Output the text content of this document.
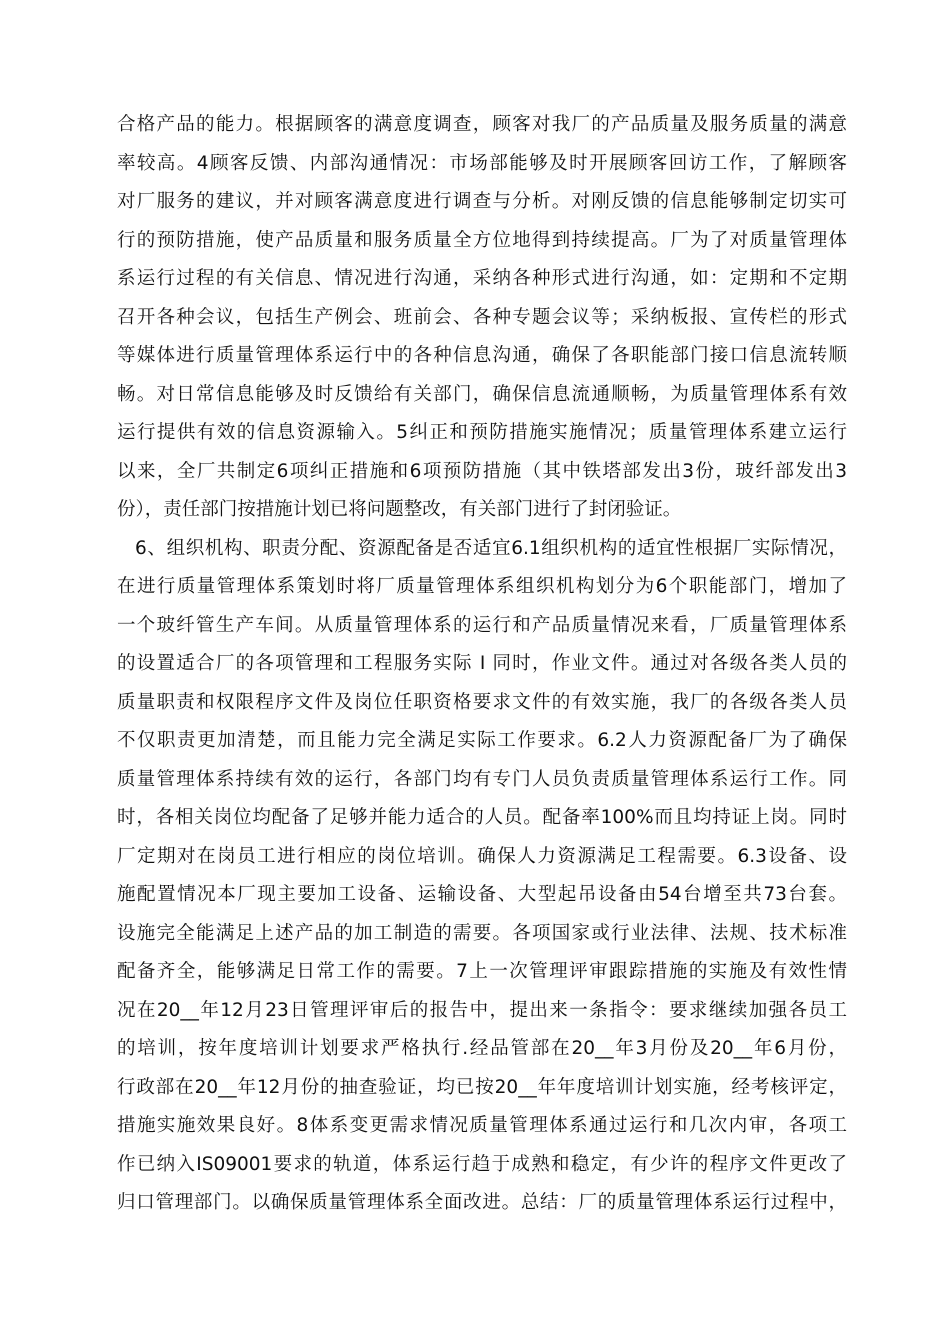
合格产品的能力。根据顾客的满意度调查，顾客对我厂的产品质量及服务质量的满意
率较高。4顾客反馈、内部沟通情况：市场部能够及时开展顾客回访工作，了解顾客
对厂服务的建议，并对顾客满意度进行调查与分析。对刚反馈的信息能够制定切实可
行的预防措施，使产品质量和服务质量全方位地得到持续提高。厂为了对质量管理体
系运行过程的有关信息、情况进行沟通，采纳各种形式进行沟通，如：定期和不定期
召开各种会议，包括生产例会、班前会、各种专题会议等；采纳板报、宣传栏的形式
等媒体进行质量管理体系运行中的各种信息沟通，确保了各职能部门接口信息流转顺
畅。对日常信息能够及时反馈给有关部门，确保信息流通顺畅，为质量管理体系有效
运行提供有效的信息资源输入。5纠正和预防措施实施情况；质量管理体系建立运行
以来，全厂共制定6项纠正措施和6项预防措施（其中铁塔部发出3份，玻纤部发出3
份），责任部门按措施计划已将问题整改，有关部门进行了封闭验证。
6、组织机构、职责分配、资源配备是否适宜6.1组织机构的适宜性根据厂实际情况，
在进行质量管理体系策划时将厂质量管理体系组织机构划分为6个职能部门，增加了
一个玻纤管生产车间。从质量管理体系的运行和产品质量情况来看，厂质量管理体系
的设置适合厂的各项管理和工程服务实际 I 同时，作业文件。通过对各级各类人员的
质量职责和权限程序文件及岗位任职资格要求文件的有效实施，我厂的各级各类人员
不仅职责更加清楚，而且能力完全满足实际工作要求。6.2人力资源配备厂为了确保
质量管理体系持续有效的运行，各部门均有专门人员负责质量管理体系运行工作。同
时，各相关岗位均配备了足够并能力适合的人员。配备率100%而且均持证上岗。同时
厂定期对在岗员工进行相应的岗位培训。确保人力资源满足工程需要。6.3设备、设
施配置情况本厂现主要加工设备、运输设备、大型起吊设备由54台增至共73台套。
设施完全能满足上述产品的加工制造的需要。各项国家或行业法律、法规、技术标准
配备齐全，能够满足日常工作的需要。7上一次管理评审跟踪措施的实施及有效性情
况在20__年12月23日管理评审后的报告中，提出来一条指令：要求继续加强各员工
的培训，按年度培训计划要求严格执行.经品管部在20__年3月份及20__年6月份，
行政部在20__年12月份的抽查验证，均已按20__年年度培训计划实施，经考核评定，
措施实施效果良好。8体系变更需求情况质量管理体系通过运行和几次内审，各项工
作已纳入IS09001要求的轨道，体系运行趋于成熟和稳定，有少许的程序文件更改了
归口管理部门。以确保质量管理体系全面改进。总结：厂的质量管理体系运行过程中，
